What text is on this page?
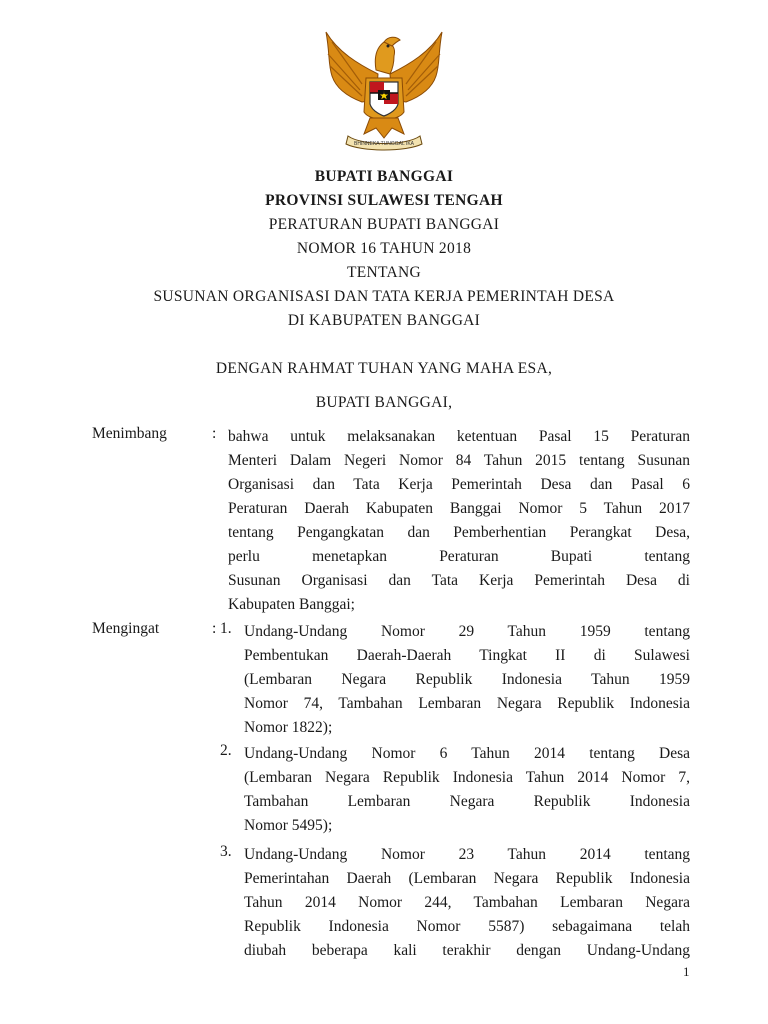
BHINNEKA TUNGGAL IKA
BUPATI BANGGAI
PROVINSI SULAWESI TENGAH
PERATURAN BUPATI BANGGAI
NOMOR 16 TAHUN 2018
TENTANG
SUSUNAN ORGANISASI DAN TATA KERJA PEMERINTAH DESA
DI KABUPATEN BANGGAI
DENGAN RAHMAT TUHAN YANG MAHA ESA,
BUPATI BANGGAI,
Menimbang	: bahwa untuk melaksanakan ketentuan Pasal 15 Peraturan
Menteri Dalam Negeri Nomor 84 Tahun 2015 tentang Susunan
Organisasi dan Tata Kerja Pemerintah Desa dan Pasal 6
Peraturan Daerah Kabupaten Banggai Nomor 5 Tahun 2017
tentang Pengangkatan dan Pemberhentian Perangkat Desa,
perlu menetapkan Peraturan Bupati tentang
Susunan Organisasi dan Tata Kerja Pemerintah Desa di
Kabupaten Banggai;
Mengingat	: 1. Undang-Undang Nomor 29 Tahun 1959 tentang
Pembentukan Daerah-Daerah Tingkat II di Sulawesi
(Lembaran Negara Republik Indonesia Tahun 1959
Nomor 74, Tambahan Lembaran Negara Republik Indonesia
Nomor 1822);
2. Undang-Undang Nomor 6 Tahun 2014 tentang Desa
(Lembaran Negara Republik Indonesia Tahun 2014 Nomor 7,
Tambahan Lembaran Negara Republik Indonesia
Nomor 5495);
3. Undang-Undang Nomor 23 Tahun 2014 tentang
Pemerintahan Daerah (Lembaran Negara Republik Indonesia
Tahun 2014 Nomor 244, Tambahan Lembaran Negara
Republik Indonesia Nomor 5587) sebagaimana telah
diubah beberapa kali terakhir dengan Undang-Undang
1
